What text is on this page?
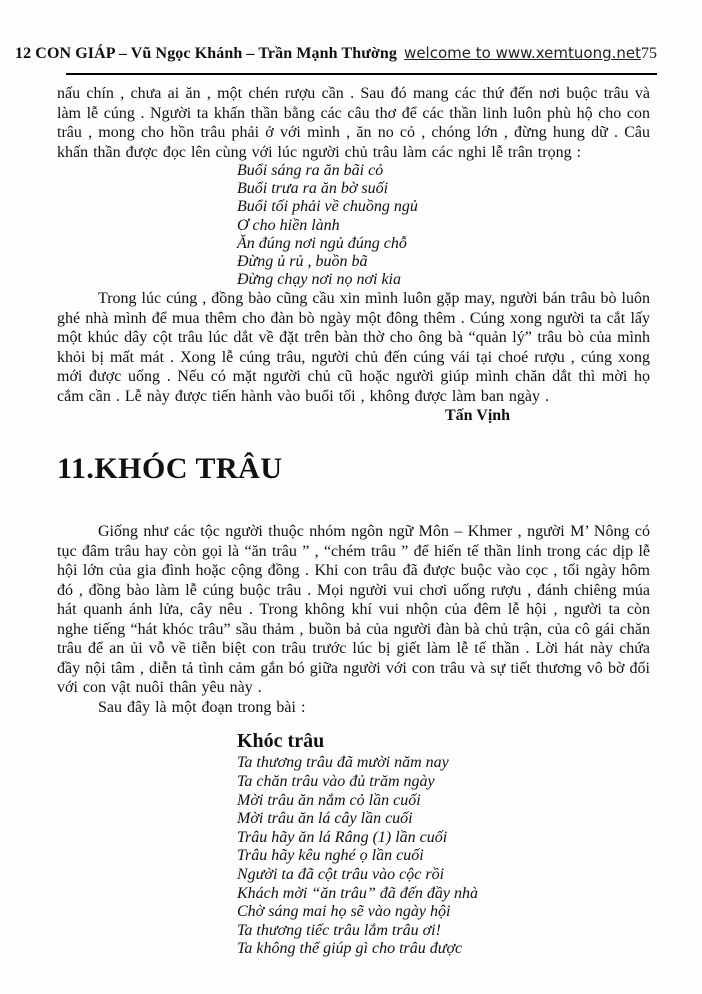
12 CON GIÁP – Vũ Ngọc Khánh – Trần Mạnh Thường welcome to www.xemtuong.net75

nấu chín , chưa ai ăn , một chén rượu cần . Sau đó mang các thứ đến nơi buộc trâu và làm lễ cúng . Người ta khấn thần bằng các câu thơ để các thần linh luôn phù hộ cho con trâu , mong cho hồn trâu phải ở với mình , ăn no cỏ , chóng lớn , đừng hung dữ . Câu khấn thần được đọc lên cùng với lúc người chủ trâu làm các nghi lễ trân trọng :

Buổi sáng ra ăn bãi cỏ
Buổi trưa ra ăn bờ suối
Buổi tối phải về chuồng ngủ
Ơ cho hiền lành
Ăn đúng nơi ngủ đúng chỗ
Đừng ủ rủ , buồn bã
Đừng chạy nơi nọ nơi kia

Trong lúc cúng , đồng bào cũng cầu xin mình luôn gặp may, người bán trâu bò luôn ghé nhà mình để mua thêm cho đàn bò ngày một đông thêm . Cúng xong người ta cắt lấy một khúc dây cột trâu lúc dắt về đặt trên bàn thờ cho ông bà “quản lý” trâu bò của mình khỏi bị mất mát . Xong lễ cúng trâu, người chủ đến cúng vái tại choé rượu , cúng xong mới được uống . Nếu có mặt người chủ cũ hoặc người giúp mình chăn dắt thì mời họ cắm cần . Lễ này được tiến hành vào buổi tối , không được làm ban ngày .

Tấn Vịnh

11.KHÓC TRÂU

Giống như các tộc người thuộc nhóm ngôn ngữ Môn – Khmer , người M’ Nông có tục đâm trâu hay còn gọi là “ăn trâu ” , “chém trâu ” để hiến tế thần linh trong các dịp lễ hội lớn của gia đình hoặc cộng đồng . Khi con trâu đã được buộc vào cọc , tối ngày hôm đó , đồng bào làm lễ cúng buộc trâu . Mọi người vui chơi uống rượu , đánh chiêng múa hát quanh ánh lửa, cây nêu . Trong không khí vui nhộn của đêm lễ hội , người ta còn nghe tiếng “hát khóc trâu” sầu thảm , buồn bả của người đàn bà chủ trận, của cô gái chăn trâu để an ủi vỗ về tiễn biệt con trâu trước lúc bị giết làm lễ tế thần . Lời hát này chứa đầy nội tâm , diễn tả tình cảm gắn bó giữa người với con trâu và sự tiết thương vô bờ đối với con vật nuôi thân yêu này .

Sau đây là một đoạn trong bài :

Khóc trâu
Ta thương trâu đã mười năm nay
Ta chăn trâu vào đủ trăm ngày
Mời trâu ăn nắm cỏ lần cuối
Mời trâu ăn lá cây lần cuối
Trâu hãy ăn lá Râng (1) lần cuối
Trâu hãy kêu nghé ọ lần cuối
Người ta đã cột trâu vào cộc rồi
Khách mời “ăn trâu” đã đến đầy nhà
Chờ sáng mai họ sẽ vào ngày hội
Ta thương tiếc trâu lắm trâu ơi!
Ta không thể giúp gì cho trâu được
